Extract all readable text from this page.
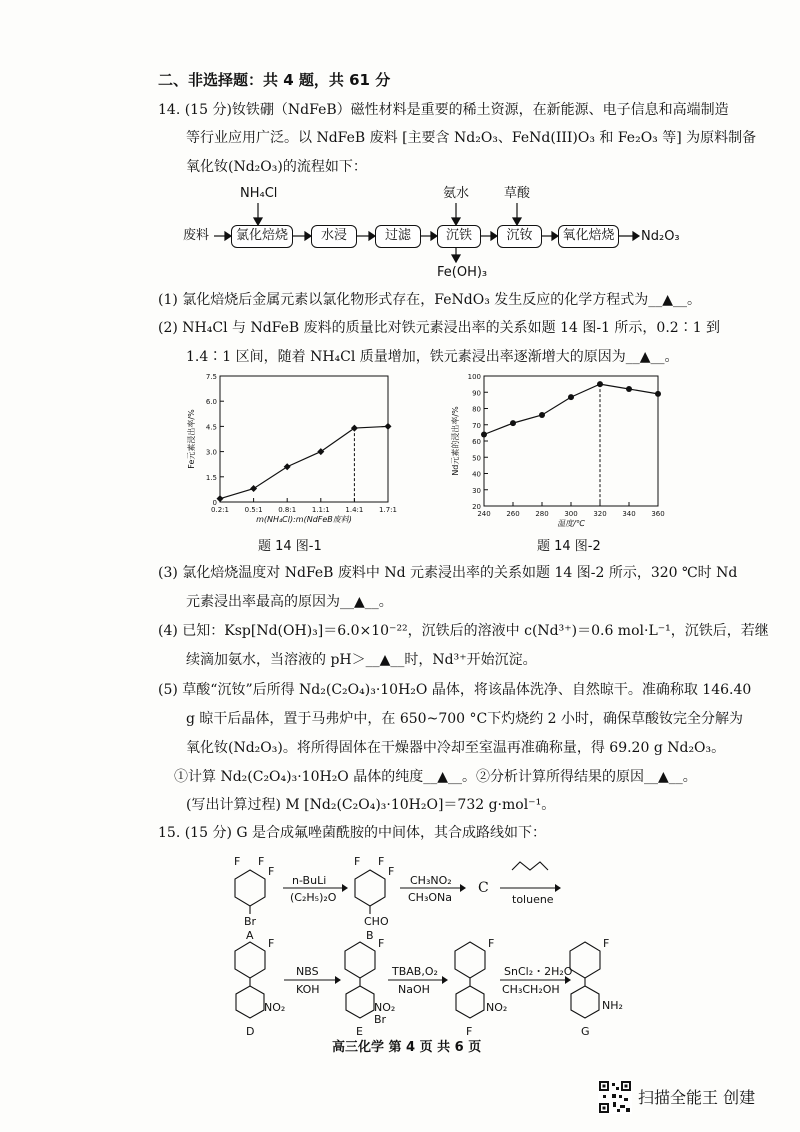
二、非选择题：共 4 题，共 61 分
14. (15 分)钕铁硼（NdFeB）磁性材料是重要的稀土资源，在新能源、电子信息和高端制造
等行业应用广泛。以 NdFeB 废料 [主要含 Nd₂O₃、FeNd(III)O₃ 和 Fe₂O₃ 等] 为原料制备
氧化钕(Nd₂O₃)的流程如下：
NH₄Cl	氨水	草酸
废料	氯化焙烧	水浸	过滤	沉铁	沉钕	氧化焙烧	Nd₂O₃
Fe(OH)₃
(1) 氯化焙烧后金属元素以氯化物形式存在，FeNdO₃ 发生反应的化学方程式为__▲__。
(2) NH₄Cl 与 NdFeB 废料的质量比对铁元素浸出率的关系如题 14 图-1 所示，0.2∶1 到
1.4∶1 区间，随着 NH₄Cl 质量增加，铁元素浸出率逐渐增大的原因为__▲__。
0
1.5
3.0
4.5
6.0
7.5
0.2:1 0.5:1 0.8:1 1.1:1 1.4:1 1.7:1
Fe元素浸出率/%
m(NH₄Cl):m(NdFeB废料)
题 14 图-1
20
30
40
50
60
70
80
90
100
240 260 280 300 320 340 360
Nd元素的浸出率/%
温度/℃
题 14 图-2
(3) 氯化焙烧温度对 NdFeB 废料中 Nd 元素浸出率的关系如题 14 图-2 所示，320 ℃时 Nd
元素浸出率最高的原因为__▲__。
(4) 已知：Ksp[Nd(OH)₃]＝6.0×10⁻²²，沉铁后的溶液中 c(Nd³⁺)＝0.6 mol·L⁻¹，沉铁后，若继
续滴加氨水，当溶液的 pH＞__▲__时，Nd³⁺开始沉淀。
(5) 草酸“沉钕”后所得 Nd₂(C₂O₄)₃·10H₂O 晶体，将该晶体洗净、自然晾干。准确称取 146.40
g 晾干后晶体，置于马弗炉中，在 650~700 °C下灼烧约 2 小时，确保草酸钕完全分解为
氧化钕(Nd₂O₃)。将所得固体在干燥器中冷却至室温再准确称量，得 69.20 g Nd₂O₃。
①计算 Nd₂(C₂O₄)₃·10H₂O 晶体的纯度__▲__。②分析计算所得结果的原因__▲__。
(写出计算过程) M [Nd₂(C₂O₄)₃·10H₂O]＝732 g·mol⁻¹。
15. (15 分) G 是合成氟唑菌酰胺的中间体，其合成路线如下：
F F
F
Br
A
n-BuLi
(C₂H₅)₂O
F F
F
CHO
B
CH₃NO₂
CH₃ONa
C
toluene
F
NO₂
D
NBS
KOH
F
NO₂
Br
E
TBAB,O₂
NaOH
F
NO₂
F
SnCl₂・2H₂O
CH₃CH₂OH
F
NH₂
G
高三化学 第 4 页 共 6 页
扫描全能王 创建
